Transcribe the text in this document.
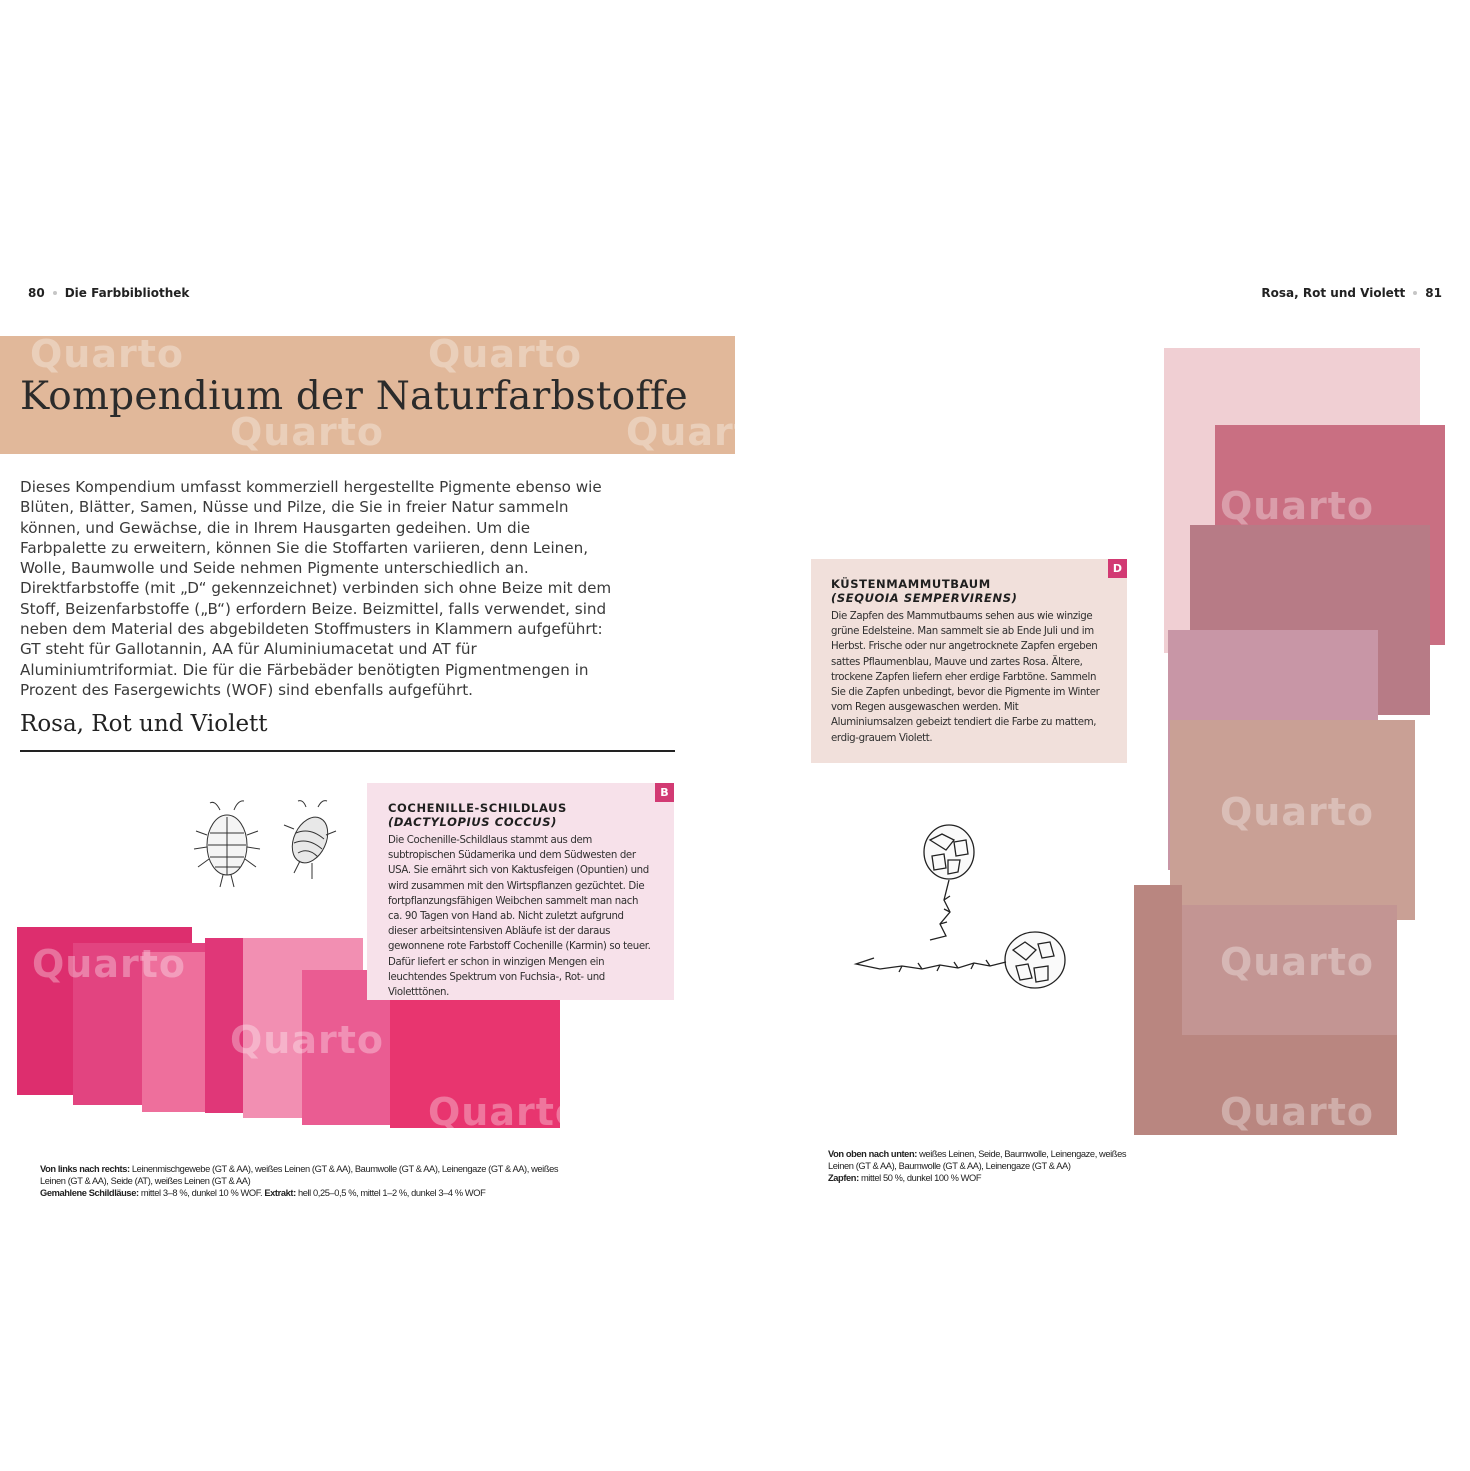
80 Die Farbbibliothek
Quarto	Quarto
Quarto	Quarto
Kompendium der Naturfarbstoffe

Dieses Kompendium umfasst kommerziell hergestellte Pigmente ebenso wie Blüten, Blätter, Samen, Nüsse und Pilze, die Sie in freier Natur sammeln können, und Gewächse, die in Ihrem Hausgarten gedeihen. Um die Farbpalette zu erweitern, können Sie die Stoffarten variieren, denn Leinen, Wolle, Baumwolle und Seide nehmen Pigmente unterschiedlich an. Direktfarbstoffe (mit „D“ gekennzeichnet) verbinden sich ohne Beize mit dem Stoff, Beizenfarbstoffe („B“) erfordern Beize. Beizmittel, falls verwendet, sind neben dem Material des abgebildeten Stoffmusters in Klammern aufgeführt: GT steht für Gallotannin, AA für Aluminiumacetat und AT für Aluminiumtriformiat. Die für die Färbebäder benötigten Pigmentmengen in Prozent des Fasergewichts (WOF) sind ebenfalls aufgeführt.

Rosa, Rot und Violett
Quarto
Quarto
Quarto
B
COCHENILLE-SCHILDLAUS
(DACTYLOPIUS COCCUS)
Die Cochenille-Schildlaus stammt aus dem subtropischen Südamerika und dem Südwesten der USA. Sie ernährt sich von Kaktusfeigen (Opuntien) und wird zusammen mit den Wirtspflanzen gezüchtet. Die fortpflanzungsfähigen Weibchen sammelt man nach ca. 90 Tagen von Hand ab. Nicht zuletzt aufgrund dieser arbeitsintensiven Abläufe ist der daraus gewonnene rote Farbstoff Cochenille (Karmin) so teuer. Dafür liefert er schon in winzigen Mengen ein leuchtendes Spektrum von Fuchsia-, Rot- und Violetttönen.
Von links nach rechts: Leinenmischgewebe (GT & AA), weißes Leinen (GT & AA), Baumwolle (GT & AA), Leinengaze (GT & AA), weißes Leinen (GT & AA), Seide (AT), weißes Leinen (GT & AA)
Gemahlene Schildläuse: mittel 3–8 %, dunkel 10 % WOF. Extrakt: hell 0,25–0,5 %, mittel 1–2 %, dunkel 3–4 % WOF
Rosa, Rot und Violett 81
D
KÜSTENMAMMUTBAUM
(SEQUOIA SEMPERVIRENS)
Die Zapfen des Mammutbaums sehen aus wie winzige grüne Edelsteine. Man sammelt sie ab Ende Juli und im Herbst. Frische oder nur angetrocknete Zapfen ergeben sattes Pflaumenblau, Mauve und zartes Rosa. Ältere, trockene Zapfen liefern eher erdige Farbtöne. Sammeln Sie die Zapfen unbedingt, bevor die Pigmente im Winter vom Regen ausgewaschen werden. Mit Aluminiumsalzen gebeizt tendiert die Farbe zu mattem, erdig-grauem Violett.
Quarto
Quarto
Quarto
Quarto
Von oben nach unten: weißes Leinen, Seide, Baumwolle, Leinengaze, weißes Leinen (GT & AA), Baumwolle (GT & AA), Leinengaze (GT & AA)
Zapfen: mittel 50 %, dunkel 100 % WOF
